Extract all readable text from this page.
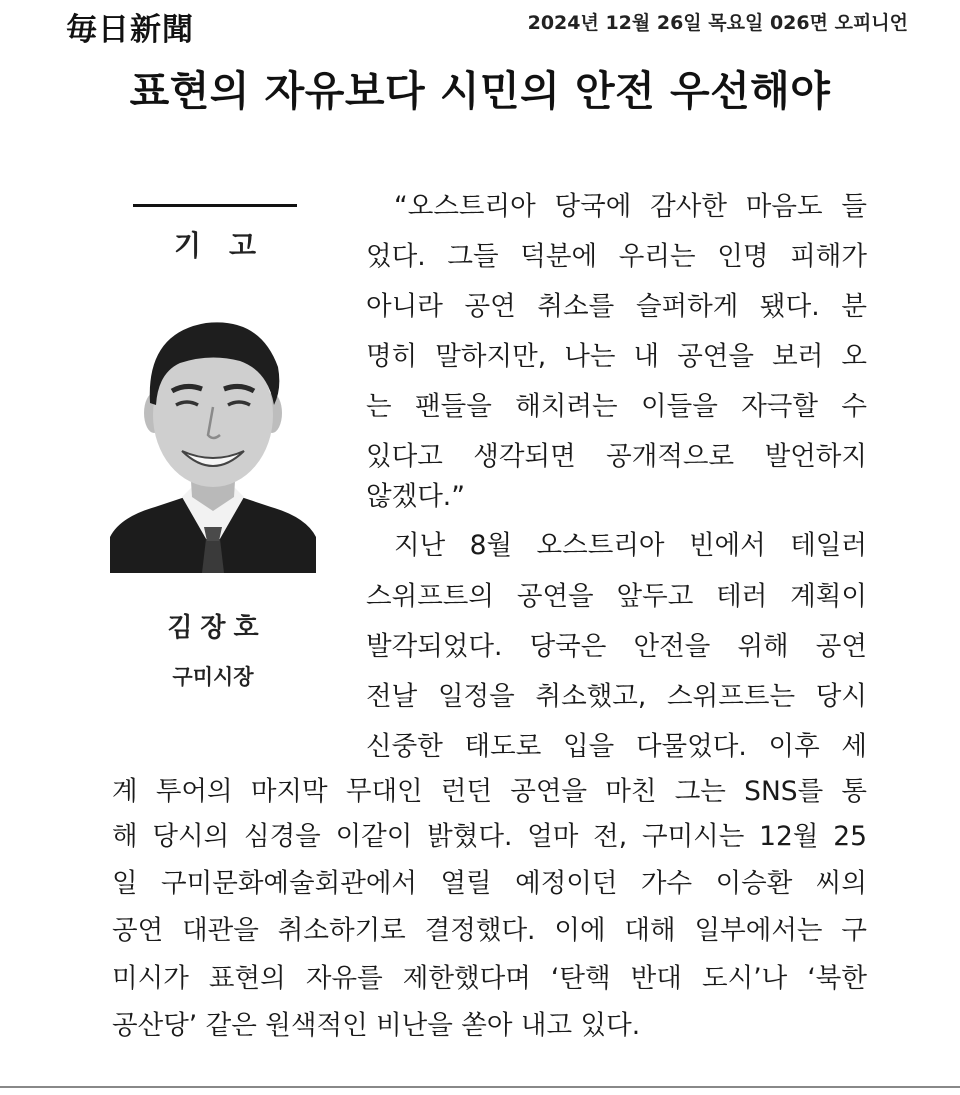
毎日新聞	2024년 12월 26일 목요일 026면 오피니언
표현의 자유보다 시민의 안전 우선해야
기고
김장호
구미시장
“오스트리아 당국에 감사한 마음도 들
었다. 그들 덕분에 우리는 인명 피해가
아니라 공연 취소를 슬퍼하게 됐다. 분
명히 말하지만, 나는 내 공연을 보러 오
는 팬들을 해치려는 이들을 자극할 수
있다고 생각되면 공개적으로 발언하지
않겠다.”
지난 8월 오스트리아 빈에서 테일러
스위프트의 공연을 앞두고 테러 계획이
발각되었다. 당국은 안전을 위해 공연
전날 일정을 취소했고, 스위프트는 당시
신중한 태도로 입을 다물었다. 이후 세
계 투어의 마지막 무대인 런던 공연을 마친 그는 SNS를 통
해 당시의 심경을 이같이 밝혔다. 얼마 전, 구미시는 12월 25
일 구미문화예술회관에서 열릴 예정이던 가수 이승환 씨의
공연 대관을 취소하기로 결정했다. 이에 대해 일부에서는 구
미시가 표현의 자유를 제한했다며 ‘탄핵 반대 도시’나 ‘북한
공산당’ 같은 원색적인 비난을 쏟아 내고 있다.
